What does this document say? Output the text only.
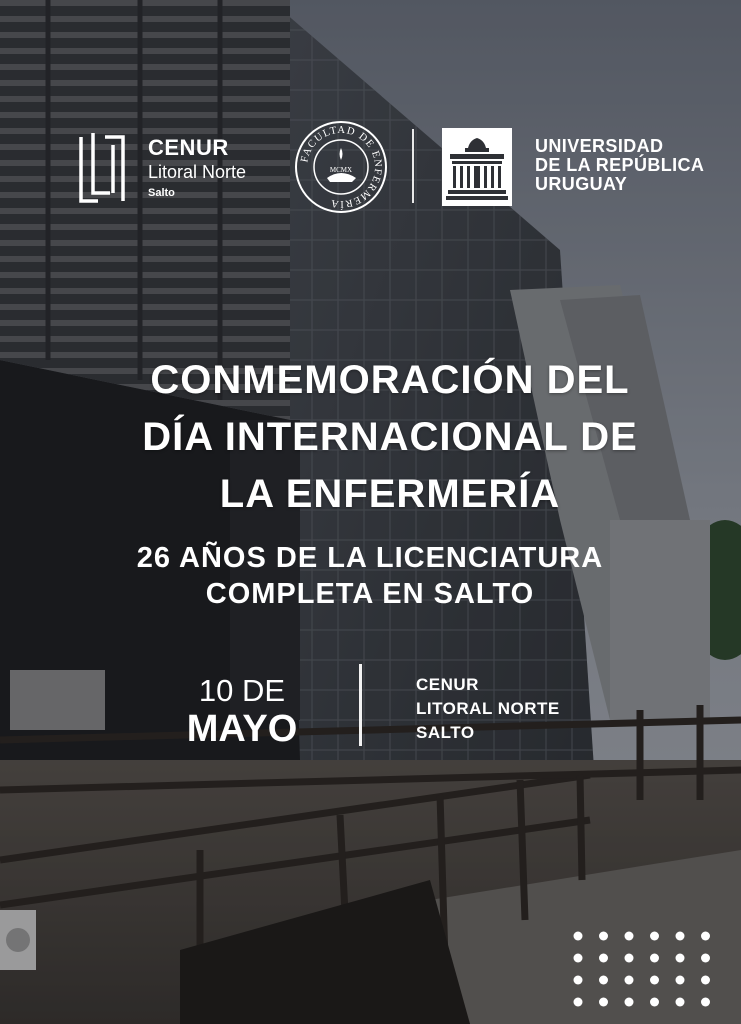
CENUR
Litoral Norte
Salto
FACULTAD DE ENFERMERÍA
MCMX
UNIVERSIDAD
DE LA REPÚBLICA
URUGUAY
CONMEMORACIÓN DEL
DÍA INTERNACIONAL DE
LA ENFERMERÍA
26 AÑOS DE LA LICENCIATURA
COMPLETA EN SALTO
10 DE
MAYO
CENUR
LITORAL NORTE
SALTO
